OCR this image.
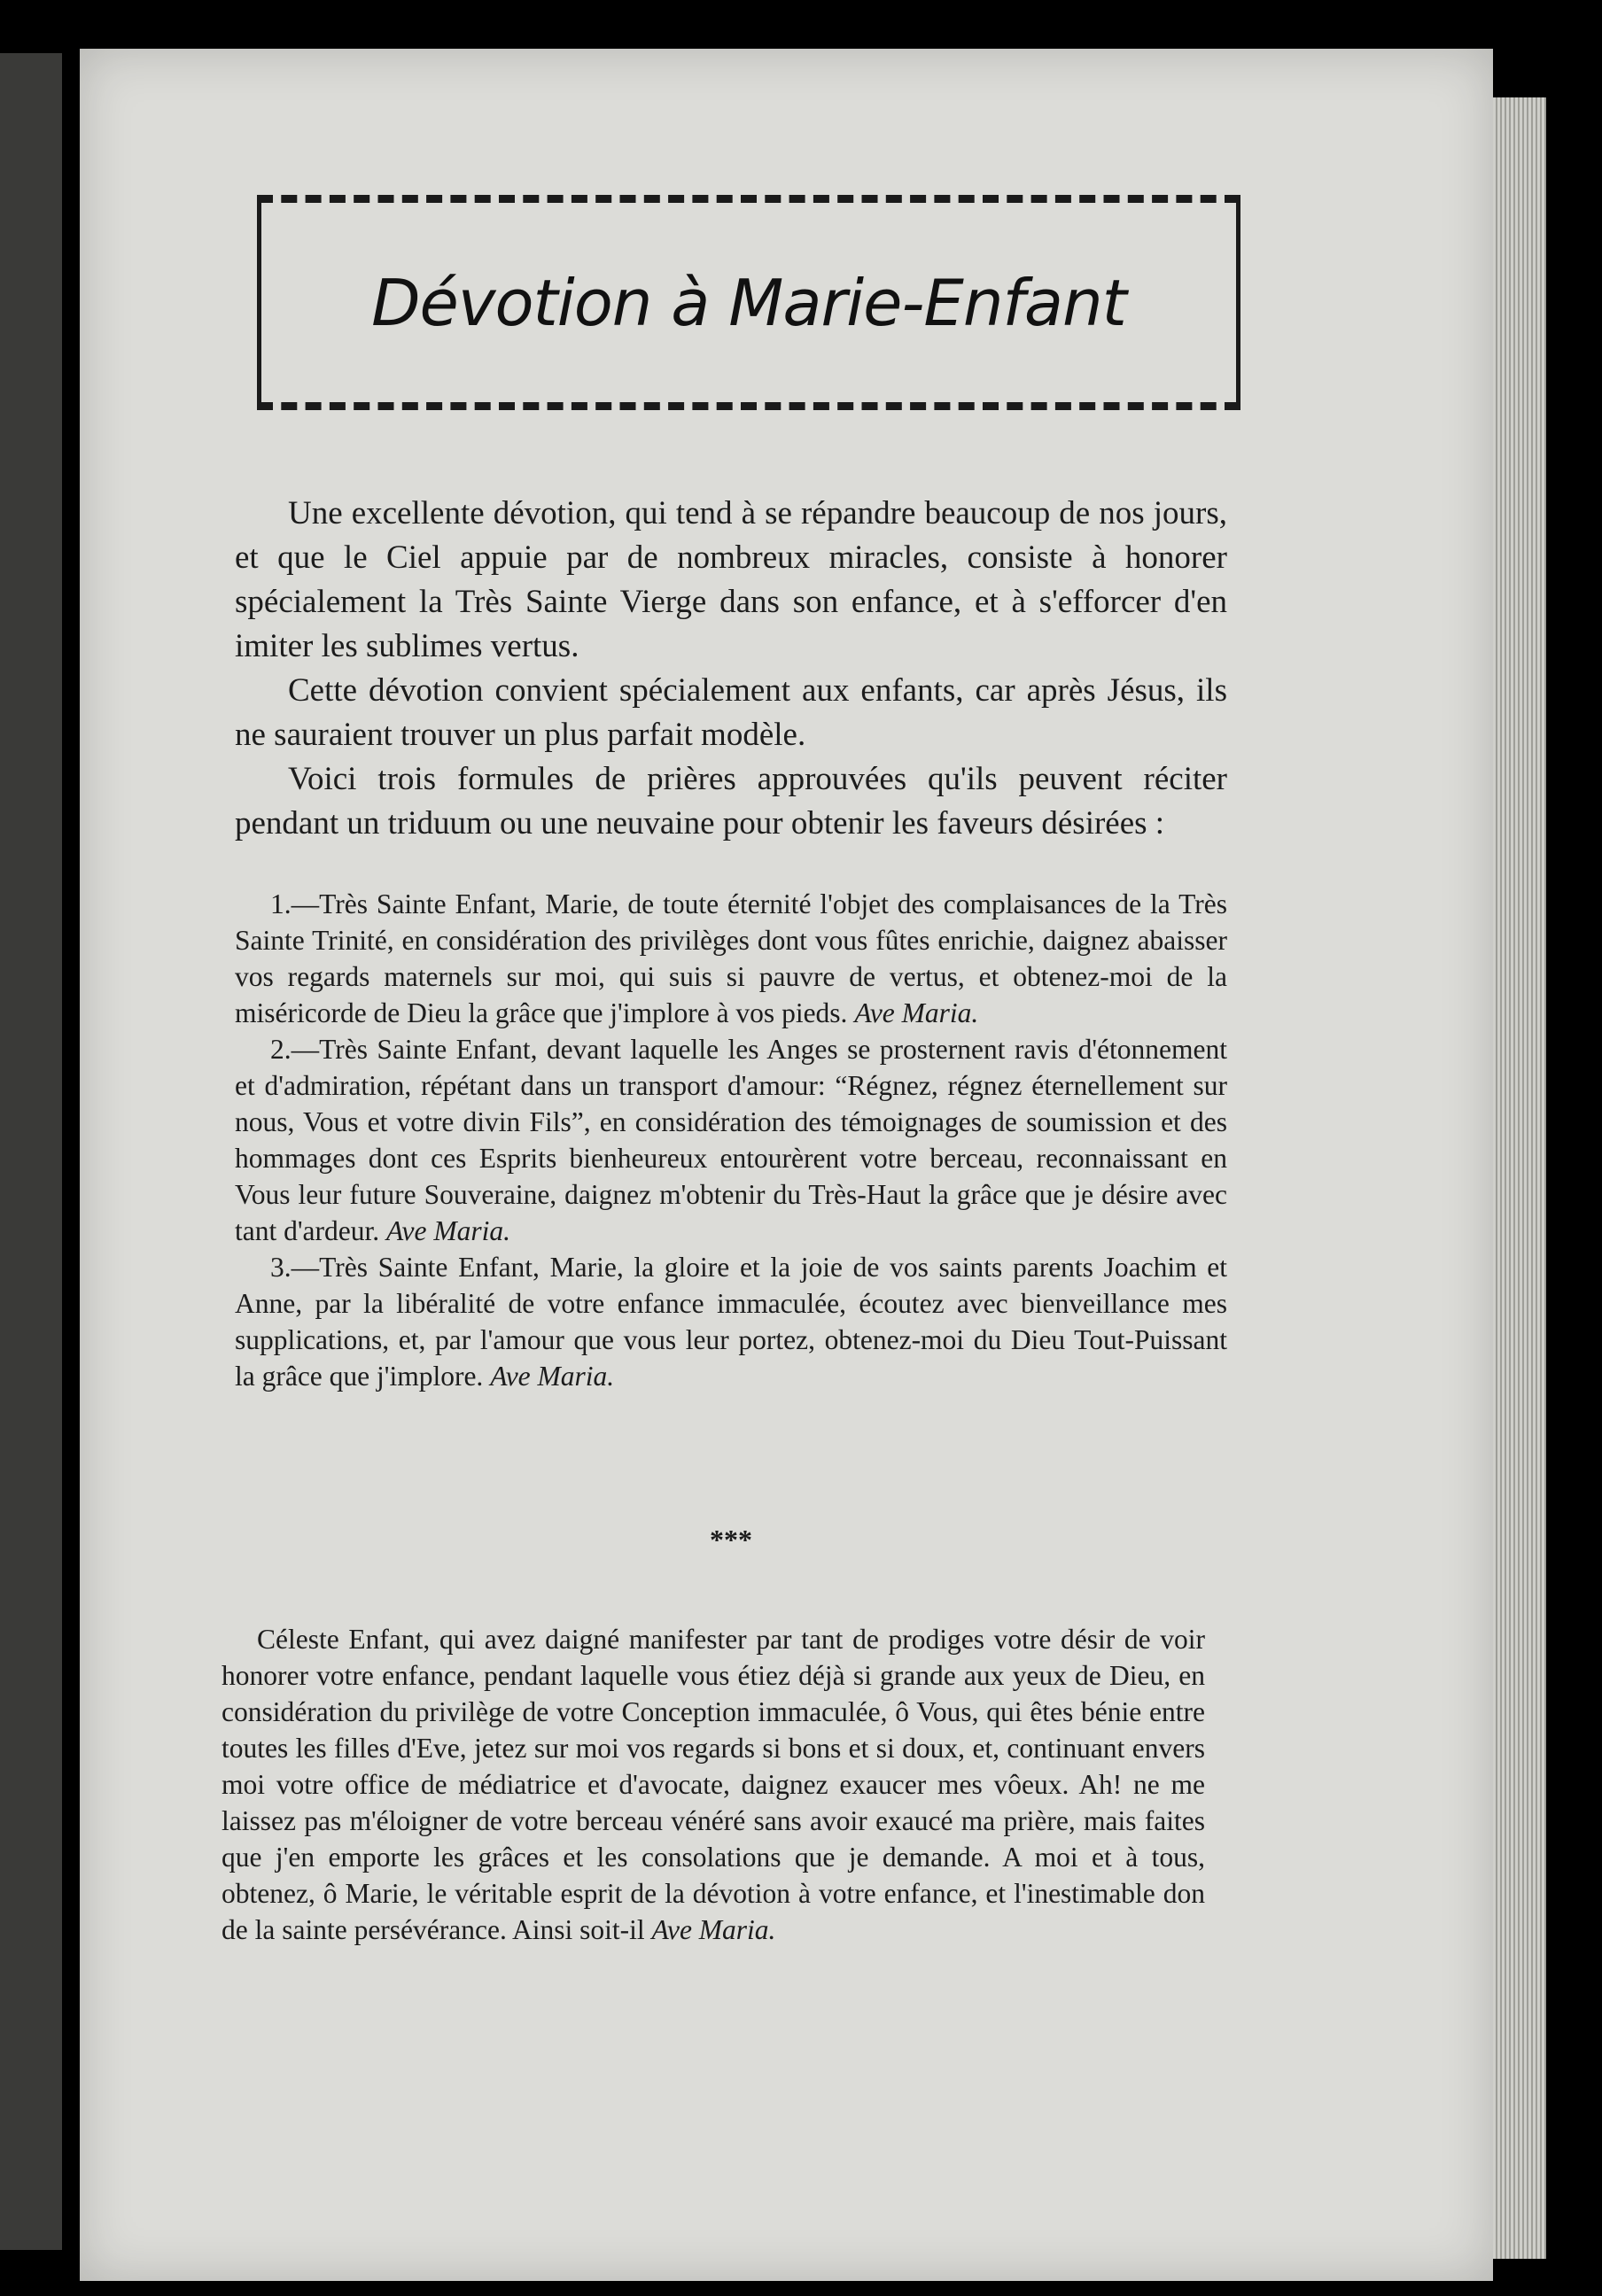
Dévotion à Marie-Enfant

Une excellente dévotion, qui tend à se répandre beaucoup de nos jours, et que le Ciel appuie par de nombreux miracles, consiste à honorer spécialement la Très Sainte Vierge dans son enfance, et à s'efforcer d'en imiter les sublimes vertus.

Cette dévotion convient spécialement aux enfants, car après Jésus, ils ne sauraient trouver un plus parfait modèle.

Voici trois formules de prières approuvées qu'ils peuvent réciter pendant un triduum ou une neuvaine pour obtenir les faveurs désirées :

1.—Très Sainte Enfant, Marie, de toute éternité l'objet des complaisances de la Très Sainte Trinité, en considération des privilèges dont vous fûtes enrichie, daignez abaisser vos regards maternels sur moi, qui suis si pauvre de vertus, et obtenez-moi de la miséricorde de Dieu la grâce que j'implore à vos pieds. Ave Maria.

2.—Très Sainte Enfant, devant laquelle les Anges se prosternent ravis d'étonnement et d'admiration, répétant dans un transport d'amour: “Régnez, régnez éternellement sur nous, Vous et votre divin Fils”, en considération des témoignages de soumission et des hommages dont ces Esprits bienheureux entourèrent votre berceau, reconnaissant en Vous leur future Souveraine, daignez m'obtenir du Très-Haut la grâce que je désire avec tant d'ardeur. Ave Maria.

3.—Très Sainte Enfant, Marie, la gloire et la joie de vos saints parents Joachim et Anne, par la libéralité de votre enfance immaculée, écoutez avec bienveillance mes supplications, et, par l'amour que vous leur portez, obtenez-moi du Dieu Tout-Puissant la grâce que j'implore. Ave Maria.

***

Céleste Enfant, qui avez daigné manifester par tant de prodiges votre désir de voir honorer votre enfance, pendant laquelle vous étiez déjà si grande aux yeux de Dieu, en considération du privilège de votre Conception immaculée, ô Vous, qui êtes bénie entre toutes les filles d'Eve, jetez sur moi vos regards si bons et si doux, et, continuant envers moi votre office de médiatrice et d'avocate, daignez exaucer mes vôeux. Ah! ne me laissez pas m'éloigner de votre berceau vénéré sans avoir exaucé ma prière, mais faites que j'en emporte les grâces et les consolations que je demande. A moi et à tous, obtenez, ô Marie, le véritable esprit de la dévotion à votre enfance, et l'inestimable don de la sainte persévérance. Ainsi soit-il Ave Maria.
